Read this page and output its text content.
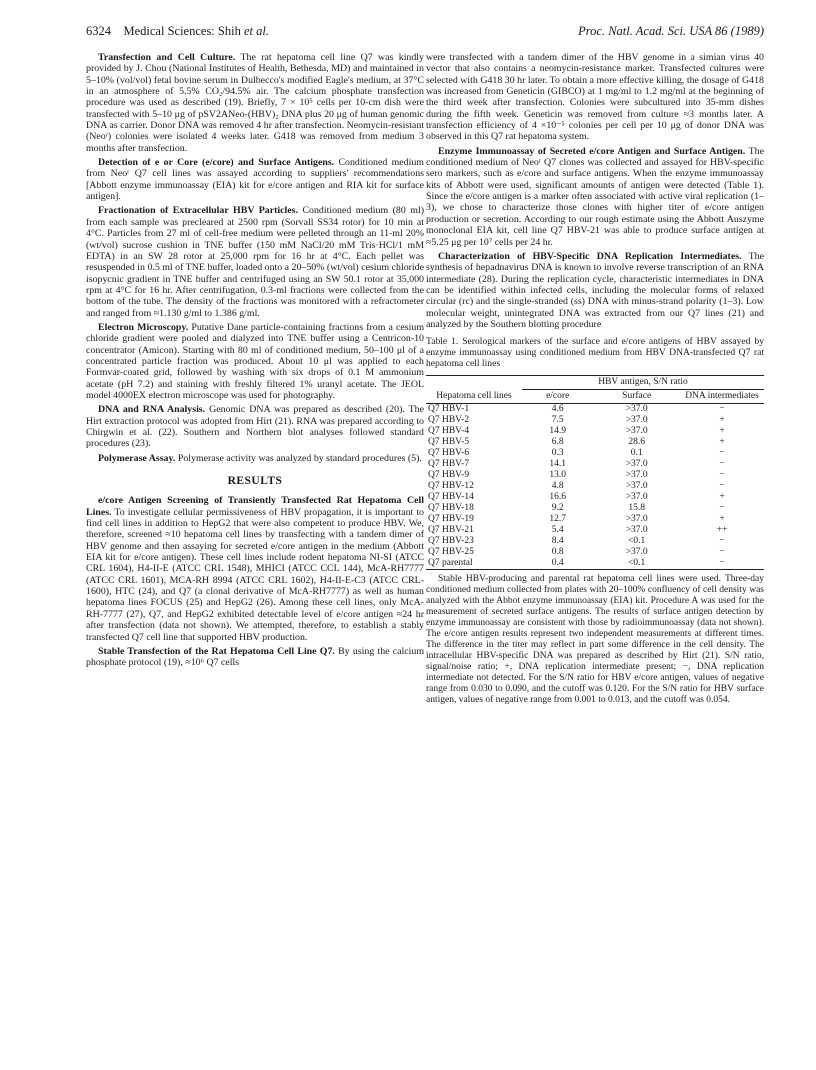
6324 Medical Sciences: Shih et al.	Proc. Natl. Acad. Sci. USA 86 (1989)

Transfection and Cell Culture. The rat hepatoma cell line Q7 was kindly provided by J. Chou (National Institutes of Health, Bethesda, MD) and maintained in 5–10% (vol/vol) fetal bovine serum in Dulbecco's modified Eagle's medium, at 37°C in an atmosphere of 5.5% CO₂/94.5% air. The calcium phosphate transfection procedure was used as described (19). Briefly, 7 × 10⁵ cells per 10-cm dish were transfected with 5–10 μg of pSV2ANeo-(HBV)₂ DNA plus 20 μg of human genomic DNA as carrier. Donor DNA was removed 4 hr after transfection. Neomycin-resistant (Neoʳ) colonies were isolated 4 weeks later. G418 was removed from medium 3 months after transfection.

Detection of e or Core (e/core) and Surface Antigens. Conditioned medium from Neoʳ Q7 cell lines was assayed according to suppliers' recommendations [Abbott enzyme immunoassay (EIA) kit for e/core antigen and RIA kit for surface antigen].

Fractionation of Extracellular HBV Particles. Conditioned medium (80 ml) from each sample was precleared at 2500 rpm (Sorvall SS34 rotor) for 10 min at 4°C. Particles from 27 ml of cell-free medium were pelleted through an 11-ml 20% (wt/vol) sucrose cushion in TNE buffer (150 mM NaCl/20 mM Tris·HCl/1 mM EDTA) in an SW 28 rotor at 25,000 rpm for 16 hr at 4°C. Each pellet was resuspended in 0.5 ml of TNE buffer, loaded onto a 20–50% (wt/vol) cesium chloride isopycnic gradient in TNE buffer and centrifuged using an SW 50.1 rotor at 35,000 rpm at 4°C for 16 hr. After centrifugation, 0.3-ml fractions were collected from the bottom of the tube. The density of the fractions was monitored with a refractometer and ranged from ≈1.130 g/ml to 1.386 g/ml.

Electron Microscopy. Putative Dane particle-containing fractions from a cesium chloride gradient were pooled and dialyzed into TNE buffer using a Centricon-10 concentrator (Amicon). Starting with 80 ml of conditioned medium, 50–100 μl of a concentrated particle fraction was produced. About 10 μl was applied to each Formvar-coated grid, followed by washing with six drops of 0.1 M ammonium acetate (pH 7.2) and staining with freshly filtered 1% uranyl acetate. The JEOL model 4000EX electron microscope was used for photography.

DNA and RNA Analysis. Genomic DNA was prepared as described (20). The Hirt extraction protocol was adopted from Hirt (21). RNA was prepared according to Chirgwin et al. (22). Southern and Northern blot analyses followed standard procedures (23).

Polymerase Assay. Polymerase activity was analyzed by standard procedures (5).

RESULTS

e/core Antigen Screening of Transiently Transfected Rat Hepatoma Cell Lines. To investigate cellular permissiveness of HBV propagation, it is important to find cell lines in addition to HepG2 that were also competent to produce HBV. We, therefore, screened ≈10 hepatoma cell lines by transfecting with a tandem dimer of HBV genome and then assaying for secreted e/core antigen in the medium (Abbott EIA kit for e/core antigen). These cell lines include rodent hepatoma NI-SI (ATCC CRL 1604), H4-II-E (ATCC CRL 1548), MHICI (ATCC CCL 144), McA-RH7777 (ATCC CRL 1601), MCA-RH 8994 (ATCC CRL 1602), H4-II-E-C3 (ATCC CRL-1600), HTC (24), and Q7 (a clonal derivative of McA-RH7777) as well as human hepatoma lines FOCUS (25) and HepG2 (26). Among these cell lines, only McA-RH-7777 (27), Q7, and HepG2 exhibited detectable level of e/core antigen ≈24 hr after transfection (data not shown). We attempted, therefore, to establish a stably transfected Q7 cell line that supported HBV production.

Stable Transfection of the Rat Hepatoma Cell Line Q7. By using the calcium phosphate protocol (19), ≈10⁶ Q7 cells

were transfected with a tandem dimer of the HBV genome in a simian virus 40 vector that also contains a neomycin-resistance marker. Transfected cultures were selected with G418 30 hr later. To obtain a more effective killing, the dosage of G418 was increased from Geneticin (GIBCO) at 1 mg/ml to 1.2 mg/ml at the beginning of the third week after transfection. Colonies were subcultured into 35-mm dishes during the fifth week. Geneticin was removed from culture ≈3 months later. A transfection efficiency of 4 ×10⁻⁵ colonies per cell per 10 μg of donor DNA was observed in this Q7 rat hepatoma system.

Enzyme Immunoassay of Secreted e/core Antigen and Surface Antigen. The conditioned medium of Neoʳ Q7 clones was collected and assayed for HBV-specific sero markers, such as e/core and surface antigens. When the enzyme immunoassay kits of Abbott were used, significant amounts of antigen were detected (Table 1). Since the e/core antigen is a marker often associated with active viral replication (1–3), we chose to characterize those clones with higher titer of e/core antigen production or secretion. According to our rough estimate using the Abbott Auszyme monoclonal EIA kit, cell line Q7 HBV-21 was able to produce surface antigen at ≈5.25 μg per 10⁷ cells per 24 hr.

Characterization of HBV-Specific DNA Replication Intermediates. The synthesis of hepadnavirus DNA is known to involve reverse transcription of an RNA intermediate (28). During the replication cycle, characteristic intermediates in DNA can be identified within infected cells, including the molecular forms of relaxed circular (rc) and the single-stranded (ss) DNA with minus-strand polarity (1–3). Low molecular weight, unintegrated DNA was extracted from our Q7 lines (21) and analyzed by the Southern blotting procedure

Table 1. Serological markers of the surface and e/core antigens of HBV assayed by enzyme immunoassay using conditioned medium from HBV DNA-transfected Q7 rat hepatoma cell lines
Hepatoma cell lines	HBV antigen, S/N ratio		
	e/core	Surface	DNA intermediates
Q7 HBV-1	4.6	>37.0	−
Q7 HBV-2	7.5	>37.0	+
Q7 HBV-4	14.9	>37.0	+
Q7 HBV-5	6.8	28.6	+
Q7 HBV-6	0.3	0.1	−
Q7 HBV-7	14.1	>37.0	−
Q7 HBV-9	13.0	>37.0	−
Q7 HBV-12	4.8	>37.0	−
Q7 HBV-14	16.6	>37.0	+
Q7 HBV-18	9.2	15.8	−
Q7 HBV-19	12.7	>37.0	+
Q7 HBV-21	5.4	>37.0	++
Q7 HBV-23	8.4	<0.1	−
Q7 HBV-25	0.8	>37.0	−
Q7 parental	0.4	<0.1	−
Stable HBV-producing and parental rat hepatoma cell lines were used. Three-day conditioned medium collected from plates with 20–100% confluency of cell density was analyzed with the Abbot enzyme immunoassay (EIA) kit. Procedure A was used for the measurement of secreted surface antigens. The results of surface antigen detection by enzyme immunoassay are consistent with those by radioimmunoassay (data not shown). The e/core antigen results represent two independent measurements at different times. The difference in the titer may reflect in part some difference in the cell density. The intracellular HBV-specific DNA was prepared as described by Hirt (21). S/N ratio, signal/noise ratio; +, DNA replication intermediate present; −, DNA replication intermediate not detected. For the S/N ratio for HBV e/core antigen, values of negative range from 0.030 to 0.090, and the cutoff was 0.120. For the S/N ratio for HBV surface antigen, values of negative range from 0.001 to 0.013, and the cutoff was 0.054.
